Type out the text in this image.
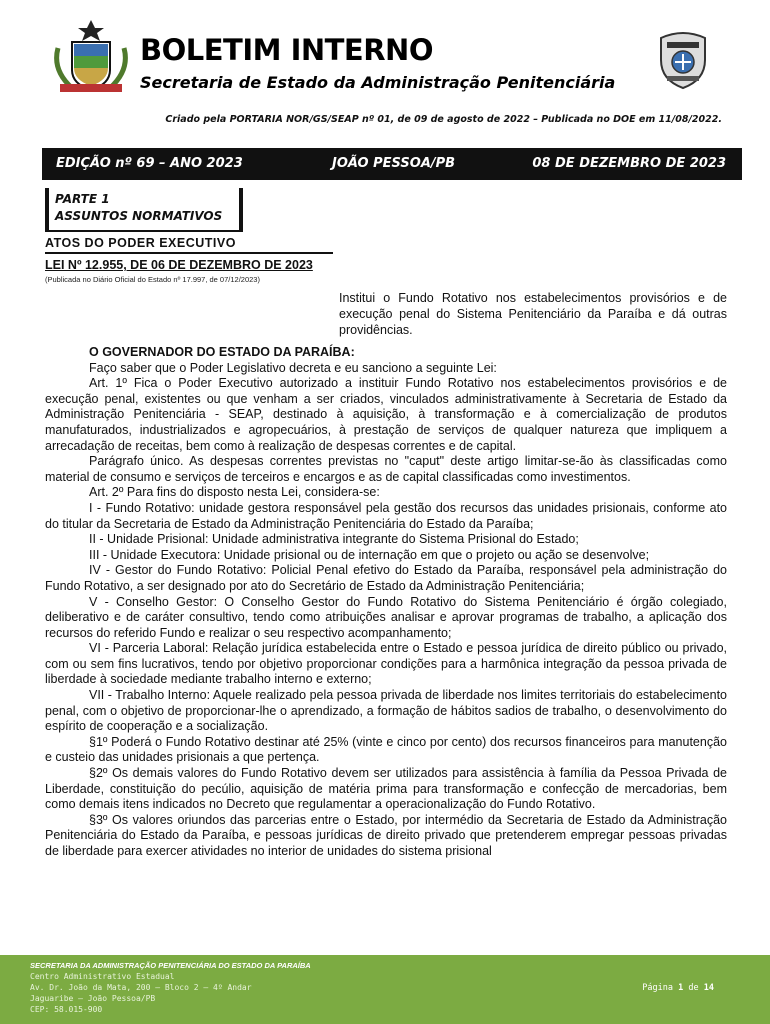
BOLETIM INTERNO
Secretaria de Estado da Administração Penitenciária
Criado pela PORTARIA NOR/GS/SEAP nº 01, de 09 de agosto de 2022 – Publicada no DOE em 11/08/2022.
EDIÇÃO nº 69 – ANO 2023	JOÃO PESSOA/PB	08 DE DEZEMBRO DE 2023
PARTE 1
ASSUNTOS NORMATIVOS
ATOS DO PODER EXECUTIVO
LEI Nº 12.955, DE 06 DE DEZEMBRO DE 2023
(Publicada no Diário Oficial do Estado nº 17.997, de 07/12/2023)
Institui o Fundo Rotativo nos estabelecimentos provisórios e de execução penal do Sistema Penitenciário da Paraíba e dá outras providências.

O GOVERNADOR DO ESTADO DA PARAÍBA:

Faço saber que o Poder Legislativo decreta e eu sanciono a seguinte Lei:

Art. 1º Fica o Poder Executivo autorizado a instituir Fundo Rotativo nos estabelecimentos provisórios e de execução penal, existentes ou que venham a ser criados, vinculados administrativamente à Secretaria de Estado da Administração Penitenciária - SEAP, destinado à aquisição, à transformação e à comercialização de produtos manufaturados, industrializados e agropecuários, à prestação de serviços de qualquer natureza que impliquem a arrecadação de receitas, bem como à realização de despesas correntes e de capital.

Parágrafo único. As despesas correntes previstas no "caput" deste artigo limitar-se-ão às classificadas como material de consumo e serviços de terceiros e encargos e as de capital classificadas como investimentos.

Art. 2º Para fins do disposto nesta Lei, considera-se:

I - Fundo Rotativo: unidade gestora responsável pela gestão dos recursos das unidades prisionais, conforme ato do titular da Secretaria de Estado da Administração Penitenciária do Estado da Paraíba;

II - Unidade Prisional: Unidade administrativa integrante do Sistema Prisional do Estado;

III - Unidade Executora: Unidade prisional ou de internação em que o projeto ou ação se desenvolve;

IV - Gestor do Fundo Rotativo: Policial Penal efetivo do Estado da Paraíba, responsável pela administração do Fundo Rotativo, a ser designado por ato do Secretário de Estado da Administração Penitenciária;

V - Conselho Gestor: O Conselho Gestor do Fundo Rotativo do Sistema Penitenciário é órgão colegiado, deliberativo e de caráter consultivo, tendo como atribuições analisar e aprovar programas de trabalho, a aplicação dos recursos do referido Fundo e realizar o seu respectivo acompanhamento;

VI - Parceria Laboral: Relação jurídica estabelecida entre o Estado e pessoa jurídica de direito público ou privado, com ou sem fins lucrativos, tendo por objetivo proporcionar condições para a harmônica integração da pessoa privada de liberdade à sociedade mediante trabalho interno e externo;

VII - Trabalho Interno: Aquele realizado pela pessoa privada de liberdade nos limites territoriais do estabelecimento penal, com o objetivo de proporcionar-lhe o aprendizado, a formação de hábitos sadios de trabalho, o desenvolvimento do espírito de cooperação e a socialização.

§1º Poderá o Fundo Rotativo destinar até 25% (vinte e cinco por cento) dos recursos financeiros para manutenção e custeio das unidades prisionais a que pertença.

§2º Os demais valores do Fundo Rotativo devem ser utilizados para assistência à família da Pessoa Privada de Liberdade, constituição do pecúlio, aquisição de matéria prima para transformação e confecção de mercadorias, bem como demais itens indicados no Decreto que regulamentar a operacionalização do Fundo Rotativo.

§3º Os valores oriundos das parcerias entre o Estado, por intermédio da Secretaria de Estado da Administração Penitenciária do Estado da Paraíba, e pessoas jurídicas de direito privado que pretenderem empregar pessoas privadas de liberdade para exercer atividades no interior de unidades do sistema prisional

SECRETARIA DA ADMINISTRAÇÃO PENITENCIÁRIA DO ESTADO DA PARAÍBA
Centro Administrativo Estadual
Av. Dr. João da Mata, 200 – Bloco 2 – 4º Andar
Jaguaribe – João Pessoa/PB
CEP: 58.015-900
Página 1 de 14
